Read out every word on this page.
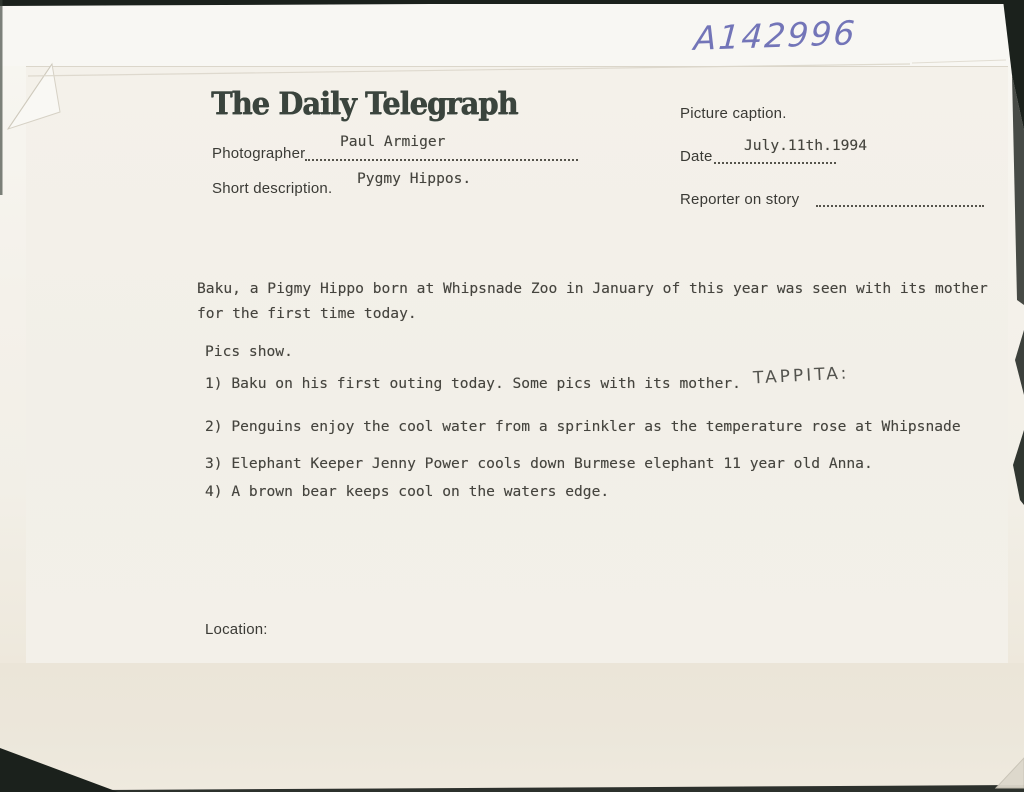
A142996
The Daily Telegraph
Photographer
Paul Armiger
Short description.
Pygmy Hippos.
Picture caption.
Date
July.11th.1994
Reporter on story
Baku, a Pigmy Hippo born at Whipsnade Zoo in January of this year was seen with its mother for the first time today.
Pics show.
1) Baku on his first outing today. Some pics with its mother. TAPPITA:
2) Penguins enjoy the cool water from a sprinkler as the temperature rose at Whipsnade
3) Elephant Keeper Jenny Power cools down Burmese elephant 11 year old Anna.
4) A brown bear keeps cool on the waters edge.
Location:
